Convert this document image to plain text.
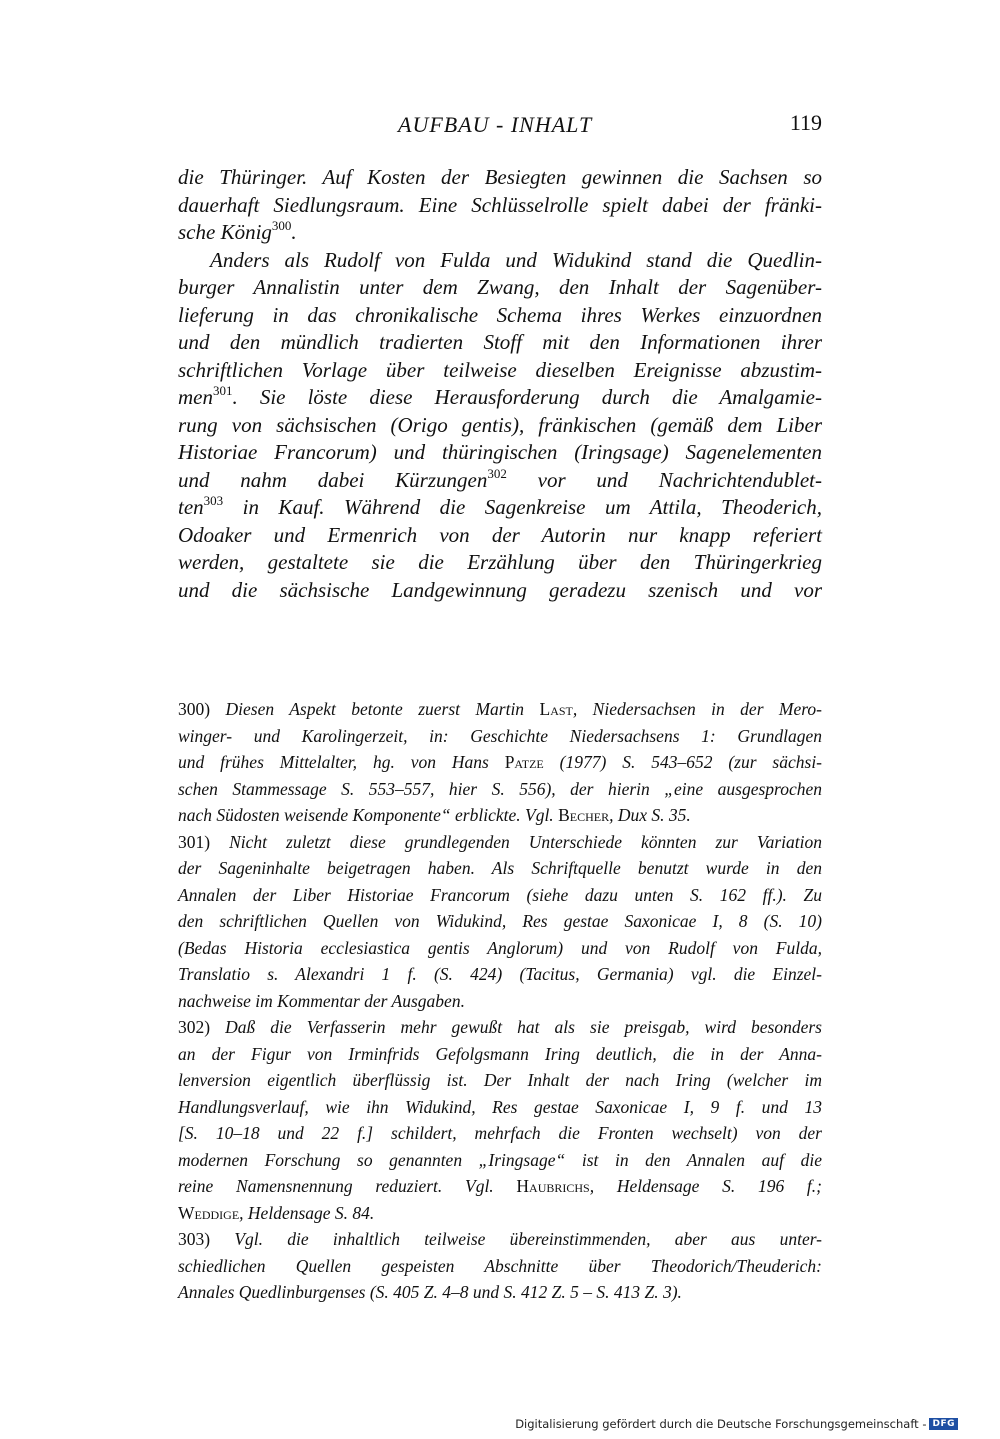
AUFBAU - INHALT	119
die Thüringer. Auf Kosten der Besiegten gewinnen die Sachsen so
dauerhaft Siedlungsraum. Eine Schlüsselrolle spielt dabei der fränki-
sche König$^{300}$.
Anders als Rudolf von Fulda und Widukind stand die Quedlin-
burger Annalistin unter dem Zwang, den Inhalt der Sagenüber-
lieferung in das chronikalische Schema ihres Werkes einzuordnen
und den mündlich tradierten Stoff mit den Informationen ihrer
schriftlichen Vorlage über teilweise dieselben Ereignisse abzustim-
men$^{301}$. Sie löste diese Herausforderung durch die Amalgamie-
rung von sächsischen (Origo gentis), fränkischen (gemäß dem Liber
Historiae Francorum) und thüringischen (Iringsage) Sagenelementen
und nahm dabei Kürzungen$^{302}$ vor und Nachrichtendublet-
ten$^{303}$ in Kauf. Während die Sagenkreise um Attila, Theoderich,
Odoaker und Ermenrich von der Autorin nur knapp referiert
werden, gestaltete sie die Erzählung über den Thüringerkrieg
und die sächsische Landgewinnung geradezu szenisch und vor
300) Diesen Aspekt betonte zuerst Martin Last, Niedersachsen in der Mero-
winger- und Karolingerzeit, in: Geschichte Niedersachsens 1: Grundlagen
und frühes Mittelalter, hg. von Hans Patze (1977) S. 543–652 (zur sächsi-
schen Stammessage S. 553–557, hier S. 556), der hierin „eine ausgesprochen
nach Südosten weisende Komponente“ erblickte. Vgl. Becher, Dux S. 35.
301) Nicht zuletzt diese grundlegenden Unterschiede könnten zur Variation
der Sageninhalte beigetragen haben. Als Schriftquelle benutzt wurde in den
Annalen der Liber Historiae Francorum (siehe dazu unten S. 162 ff.). Zu
den schriftlichen Quellen von Widukind, Res gestae Saxonicae I, 8 (S. 10)
(Bedas Historia ecclesiastica gentis Anglorum) und von Rudolf von Fulda,
Translatio s. Alexandri 1 f. (S. 424) (Tacitus, Germania) vgl. die Einzel-
nachweise im Kommentar der Ausgaben.
302) Daß die Verfasserin mehr gewußt hat als sie preisgab, wird besonders
an der Figur von Irminfrids Gefolgsmann Iring deutlich, die in der Anna-
lenversion eigentlich überflüssig ist. Der Inhalt der nach Iring (welcher im
Handlungsverlauf, wie ihn Widukind, Res gestae Saxonicae I, 9 f. und 13
[S. 10–18 und 22 f.] schildert, mehrfach die Fronten wechselt) von der
modernen Forschung so genannten „Iringsage“ ist in den Annalen auf die
reine Namensnennung reduziert. Vgl. Haubrichs, Heldensage S. 196 f.;
Weddige, Heldensage S. 84.
303) Vgl. die inhaltlich teilweise übereinstimmenden, aber aus unter-
schiedlichen Quellen gespeisten Abschnitte über Theodorich/Theuderich:
Annales Quedlinburgenses (S. 405 Z. 4–8 und S. 412 Z. 5 – S. 413 Z. 3).
Digitalisierung gefördert durch die Deutsche Forschungsgemeinschaft - DFG
